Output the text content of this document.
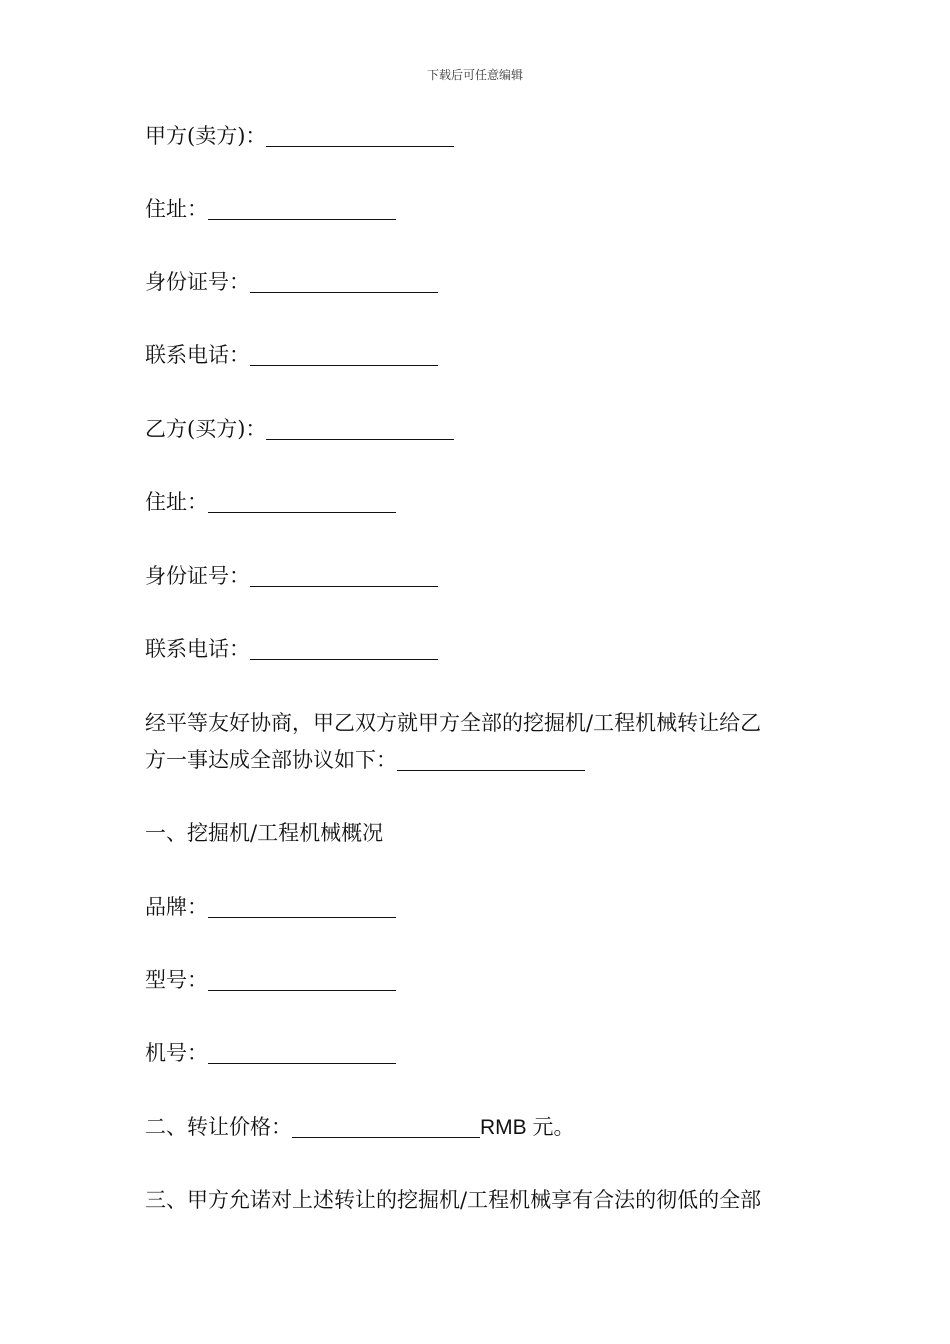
下载后可任意编辑
甲方(卖方)：
住址：
身份证号：
联系电话：
乙方(买方)：
住址：
身份证号：
联系电话：
经平等友好协商，甲乙双方就甲方全部的挖掘机/工程机械转让给乙
方一事达成全部协议如下：
一、挖掘机/工程机械概况
品牌：
型号：
机号：
二、转让价格：	RMB 元。
三、甲方允诺对上述转让的挖掘机/工程机械享有合法的彻低的全部
